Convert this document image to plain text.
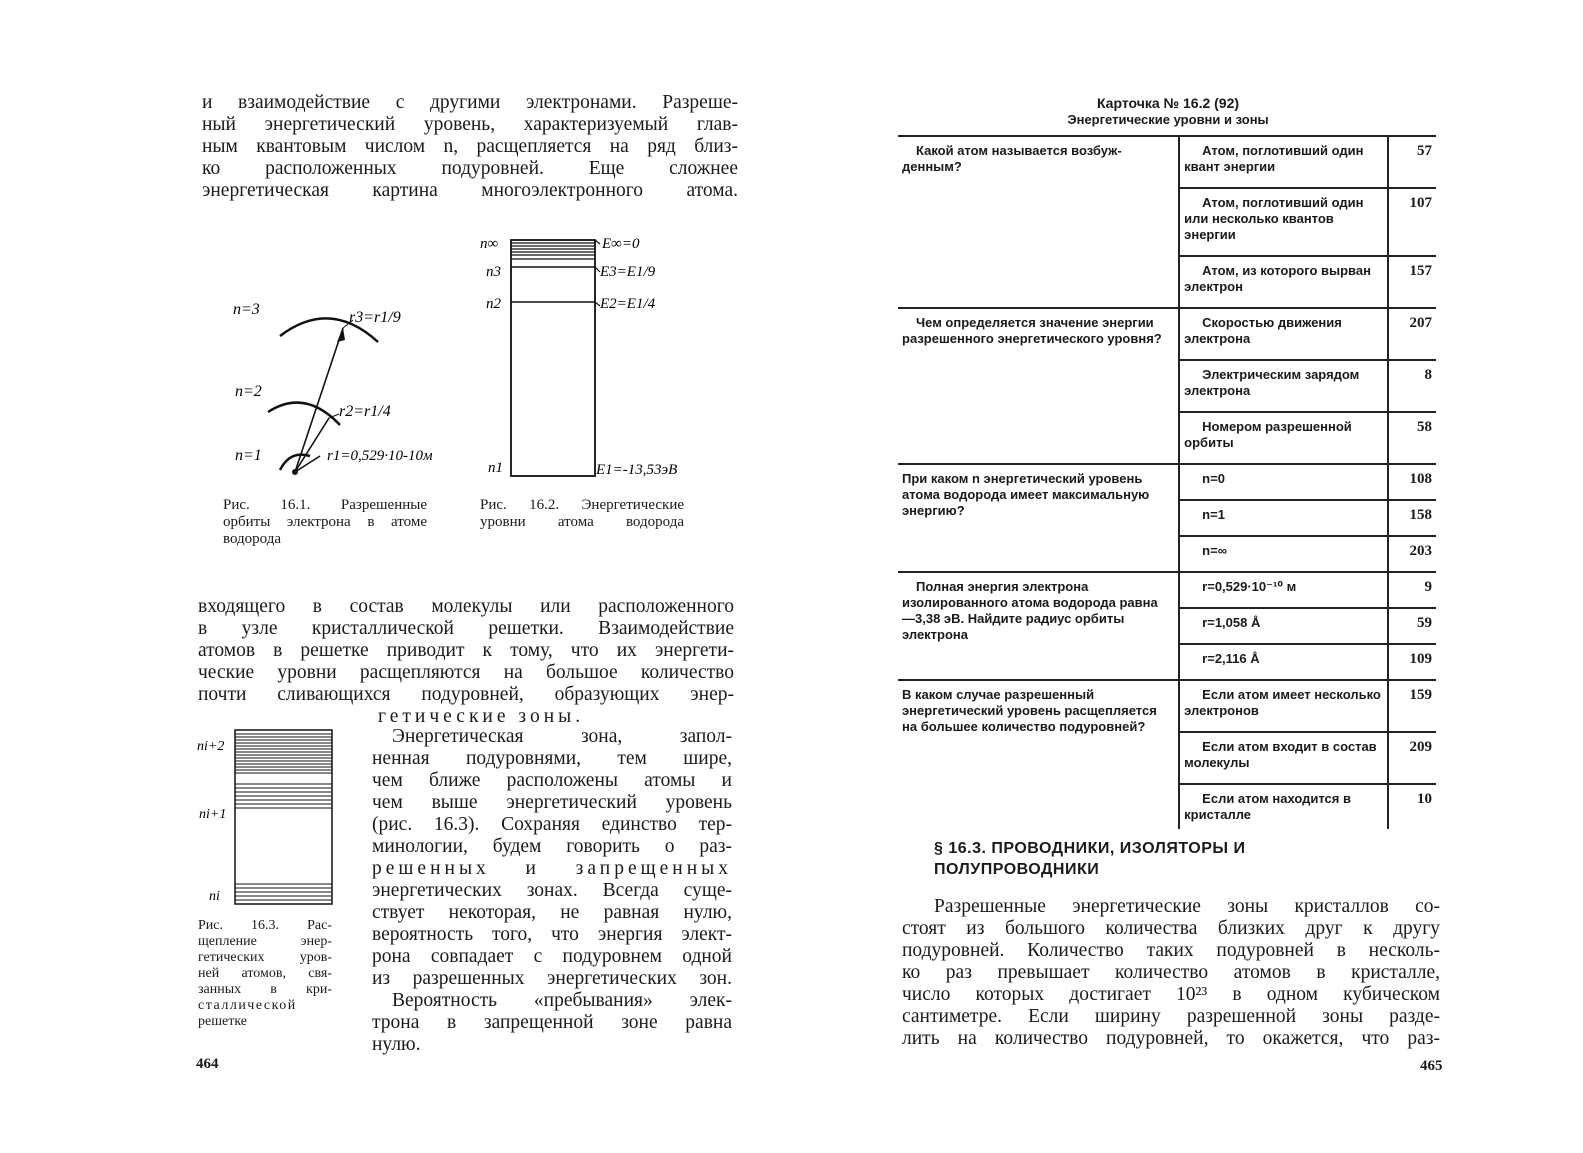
и взаимодействие с другими электронами. Разреше-
ный энергетический уровень, характеризуемый глав-
ным квантовым числом n, расщепляется на ряд близ-
ко расположенных подуровней. Еще сложнее
энергетическая картина многоэлектронного атома.
n=3
n=2
n=1
r3=r1/9
r2=r1/4
r1=0,529·10-10м
Рис. 16.1. Разрешенные
орбиты электрона в атоме
водорода
n∞
n3
n2
n1
E∞=0
E3=E1/9
E2=E1/4
E1=-13,53эВ
Рис. 16.2. Энергетические
уровни атома водорода
входящего в состав молекулы или расположенного
в узле кристаллической решетки. Взаимодействие
атомов в решетке приводит к тому, что их энергети-
ческие уровни расщепляются на большое количество
почти сливающихся подуровней, образующих энер-
гетические зоны.
ni+2
ni+1
ni
Рис. 16.3. Рас-
щепление энер-
гетических уров-
ней атомов, свя-
занных в кри-
сталлической
решетке
Энергетическая зона, запол-
ненная подуровнями, тем шире,
чем ближе расположены атомы и
чем выше энергетический уровень
(рис. 16.3). Сохраняя единство тер-
минологии, будем говорить о раз-
решенных и запрещенных
энергетических зонах. Всегда суще-
ствует некоторая, не равная нулю,
вероятность того, что энергия элект-
рона совпадает с подуровнем одной
из разрешенных энергетических зон.
Вероятность «пребывания» элек-
трона в запрещенной зоне равна
нулю.
464
Карточка № 16.2 (92)
Энергетические уровни и зоны
Какой атом называется возбуж-денным?	Атом, поглотивший один квант энергии	57
	Атом, поглотивший один или несколько квантов энергии	107
	Атом, из которого вырван электрон	157
Чем определяется значение энергии разрешенного энергетического уровня?	Скоростью движения электрона	207
	Электрическим зарядом электрона	8
	Номером разрешенной орбиты	58
При каком n энергетический уровень атома водорода имеет максимальную энергию?	n=0	108
	n=1	158
	n=∞	203
Полная энергия электрона изолированного атома водорода равна —3,38 эВ. Найдите радиус орбиты электрона	r=0,529·10⁻¹⁰ м	9
	r=1,058 Å	59
	r=2,116 Å	109
В каком случае разрешенный энергетический уровень расщепляется на большее количество подуровней?	Если атом имеет несколько электронов	159
	Если атом входит в состав молекулы	209
	Если атом находится в кристалле	10
§ 16.3. ПРОВОДНИКИ, ИЗОЛЯТОРЫ И
ПОЛУПРОВОДНИКИ
Разрешенные энергетические зоны кристаллов со-
стоят из большого количества близких друг к другу
подуровней. Количество таких подуровней в несколь-
ко раз превышает количество атомов в кристалле,
число которых достигает 10²³ в одном кубическом
сантиметре. Если ширину разрешенной зоны разде-
лить на количество подуровней, то окажется, что раз-
465
